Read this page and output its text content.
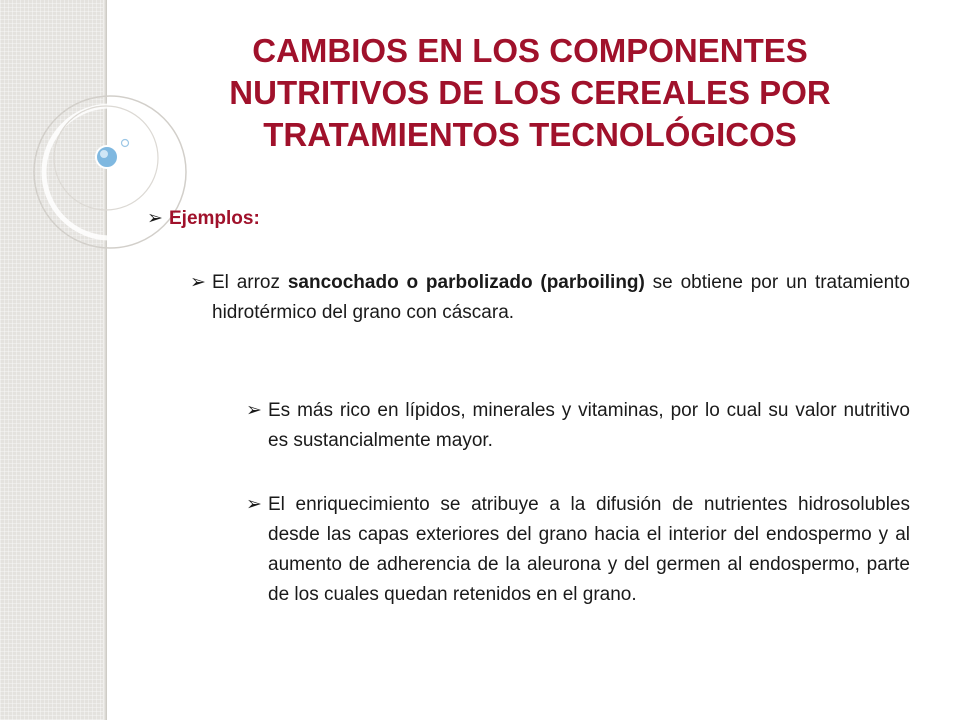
CAMBIOS EN LOS COMPONENTES NUTRITIVOS DE LOS CEREALES POR TRATAMIENTOS TECNOLÓGICOS
➢ Ejemplos:
➢ El arroz sancochado o parbolizado (parboiling) se obtiene por un tratamiento hidrotérmico del grano con cáscara.

➢ Es más rico en lípidos, minerales y vitaminas, por lo cual su valor nutritivo es sustancialmente mayor.

➢ El enriquecimiento se atribuye a la difusión de nutrientes hidrosolubles desde las capas exteriores del grano hacia el interior del endospermo y al aumento de adherencia de la aleurona y del germen al endospermo, parte de los cuales quedan retenidos en el grano.
